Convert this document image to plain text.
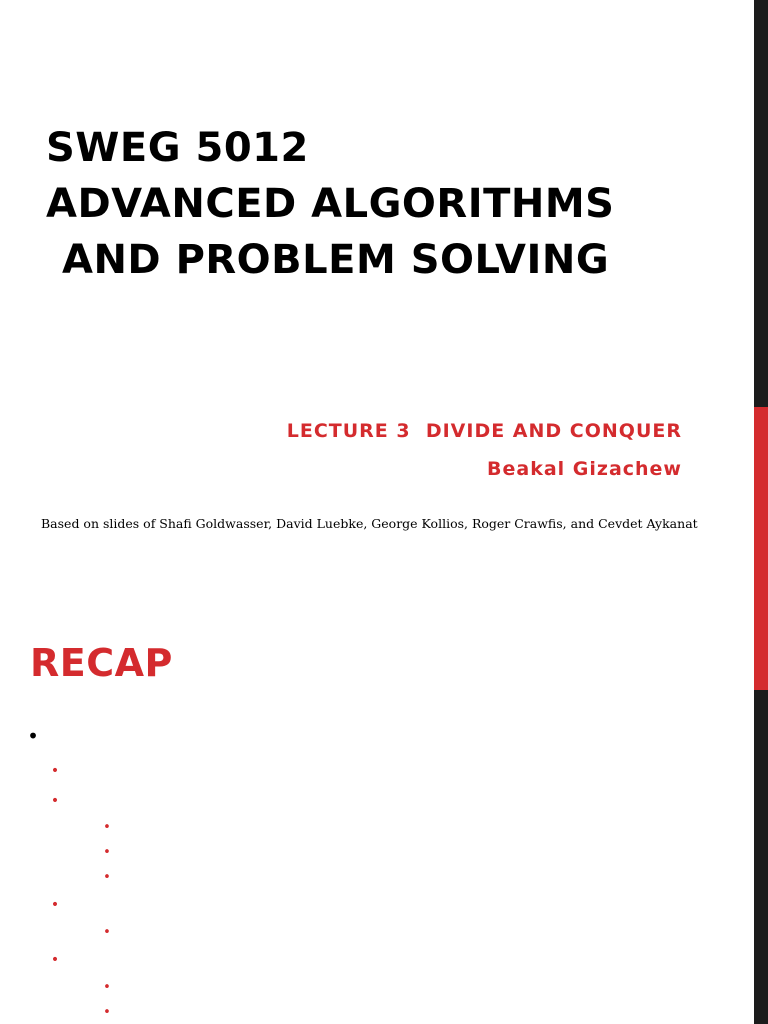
SWEG 5012
ADVANCED ALGORITHMS
AND PROBLEM SOLVING
LECTURE 3  DIVIDE AND CONQUER
Beakal Gizachew
Based on slides of Shafi Goldwasser, David Luebke, George Kollios, Roger Crawfis, and Cevdet Aykanat
RECAP
•
•
•
•
•
•
•
•
•
•
•
